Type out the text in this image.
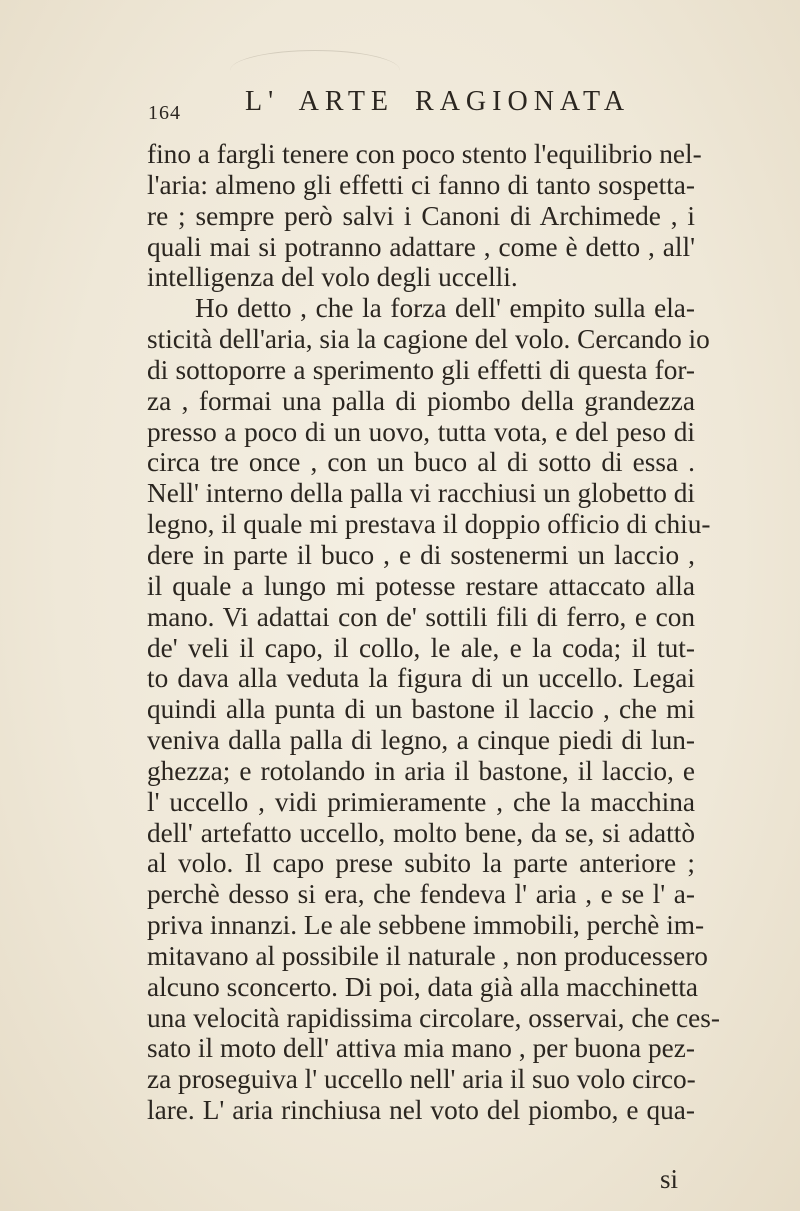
164 L' ARTE RAGIONATA
fino a fargli tenere con poco stento l'equilibrio nel-
l'aria: almeno gli effetti ci fanno di tanto sospetta-
re ; sempre però salvi i Canoni di Archimede , i
quali mai si potranno adattare , come è detto , all'
intelligenza del volo degli uccelli.
Ho detto , che la forza dell' empito sulla ela-
sticità dell'aria, sia la cagione del volo. Cercando io
di sottoporre a sperimento gli effetti di questa for-
za , formai una palla di piombo della grandezza
presso a poco di un uovo, tutta vota, e del peso di
circa tre once , con un buco al di sotto di essa .
Nell' interno della palla vi racchiusi un globetto di
legno, il quale mi prestava il doppio officio di chiu-
dere in parte il buco , e di sostenermi un laccio ,
il quale a lungo mi potesse restare attaccato alla
mano. Vi adattai con de' sottili fili di ferro, e con
de' veli il capo, il collo, le ale, e la coda; il tut-
to dava alla veduta la figura di un uccello. Legai
quindi alla punta di un bastone il laccio , che mi
veniva dalla palla di legno, a cinque piedi di lun-
ghezza; e rotolando in aria il bastone, il laccio, e
l' uccello , vidi primieramente , che la macchina
dell' artefatto uccello, molto bene, da se, si adattò
al volo. Il capo prese subito la parte anteriore ;
perchè desso si era, che fendeva l' aria , e se l' a-
priva innanzi. Le ale sebbene immobili, perchè im-
mitavano al possibile il naturale , non producessero
alcuno sconcerto. Di poi, data già alla macchinetta
una velocità rapidissima circolare, osservai, che ces-
sato il moto dell' attiva mia mano , per buona pez-
za proseguiva l' uccello nell' aria il suo volo circo-
lare. L' aria rinchiusa nel voto del piombo, e qua-
si
